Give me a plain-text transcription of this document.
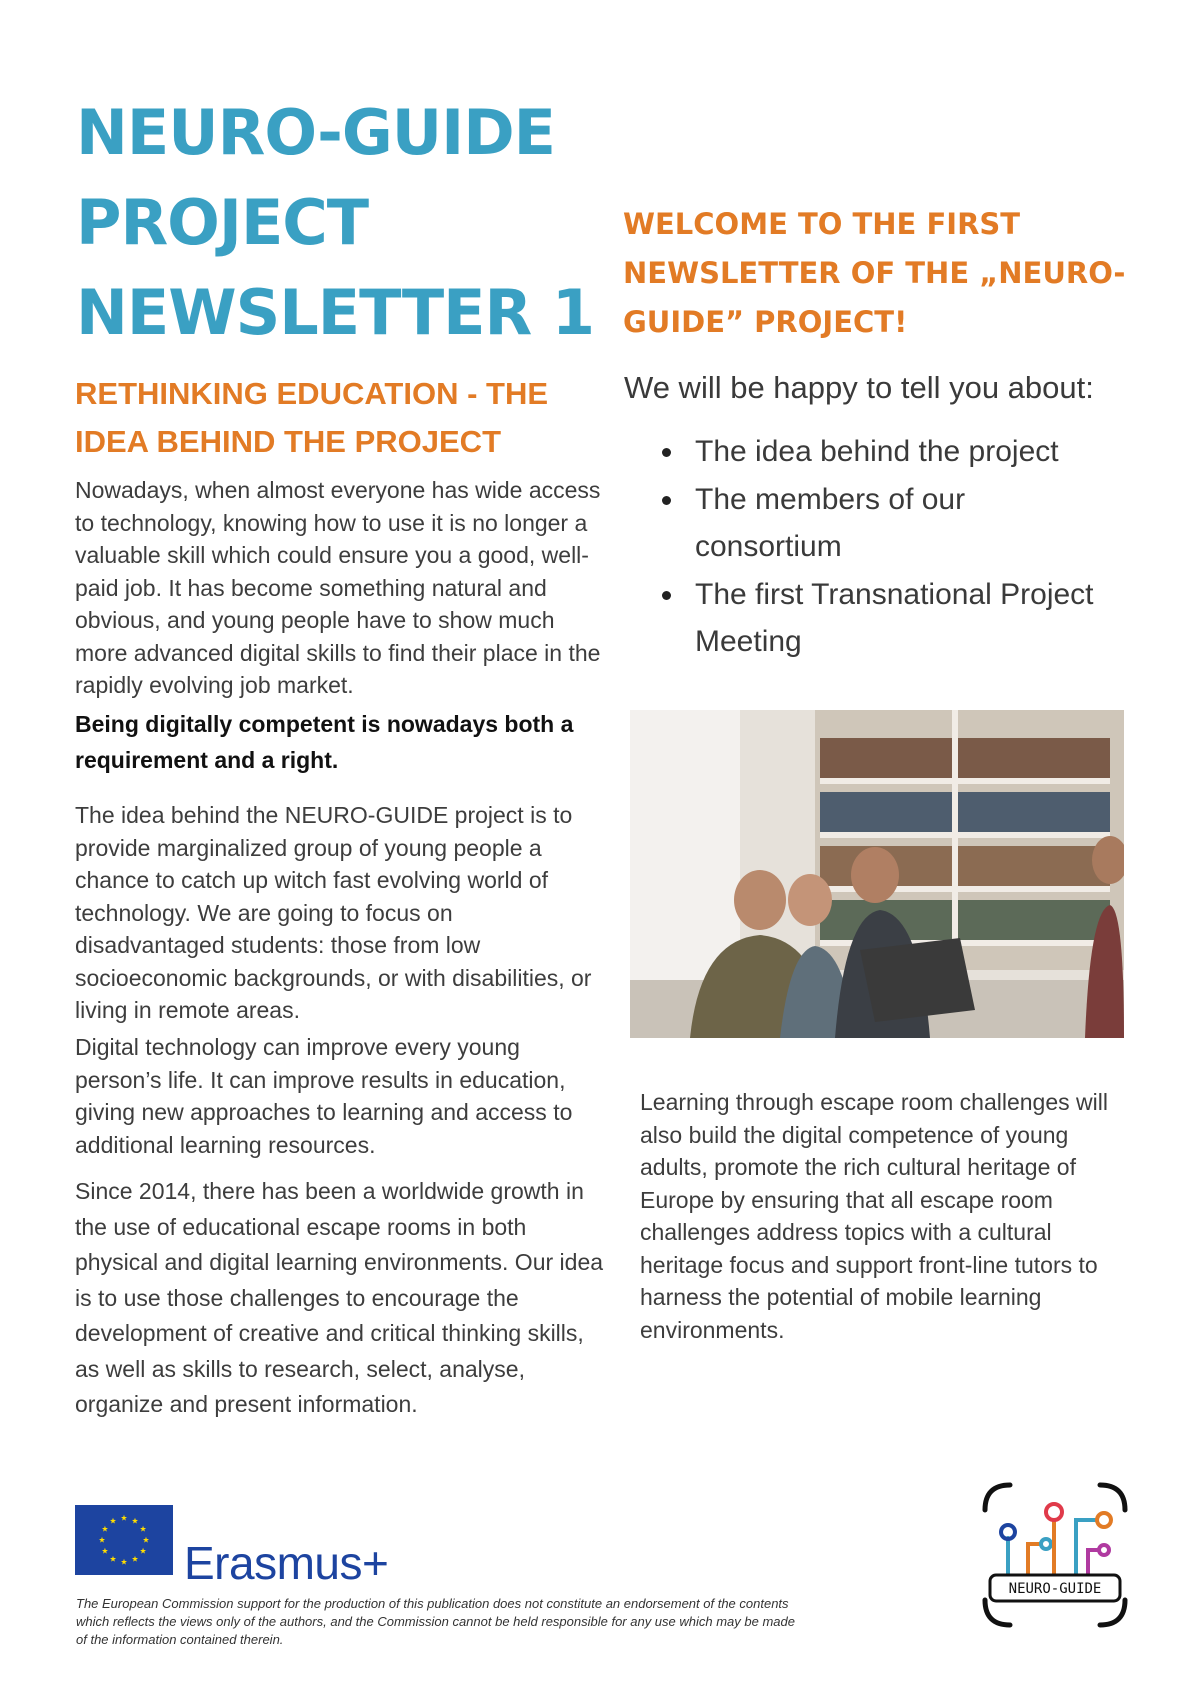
NEURO-GUIDE
PROJECT
NEWSLETTER 1
WELCOME TO THE FIRST NEWSLETTER OF THE „NEURO-GUIDE” PROJECT!
RETHINKING EDUCATION - THE IDEA BEHIND THE PROJECT

Nowadays, when almost everyone has wide access to technology, knowing how to use it is no longer a valuable skill which could ensure you a good, well-paid job. It has become something natural and obvious, and young people have to show much more advanced digital skills to find their place in the rapidly evolving job market.

Being digitally competent is nowadays both a requirement and a right.

The idea behind the NEURO-GUIDE project is to provide marginalized group of young people a chance to catch up witch fast evolving world of technology. We are going to focus on disadvantaged students: those from low socioeconomic backgrounds, or with disabilities, or living in remote areas.

Digital technology can improve every young person’s life. It can improve results in education, giving new approaches to learning and access to additional learning resources.

Since 2014, there has been a worldwide growth in the use of educational escape rooms in both physical and digital learning environments. Our idea is to use those challenges to encourage the development of creative and critical thinking skills, as well as skills to research, select, analyse, organize and present information.

We will be happy to tell you about:

The idea behind the project
The members of our consortium
The first Transnational Project Meeting

Learning through escape room challenges will also build the digital competence of young adults, promote the rich cultural heritage of Europe by ensuring that all escape room challenges address topics with a cultural heritage focus and support front-line tutors to harness the potential of mobile learning environments.

Erasmus+

The European Commission support for the production of this publication does not constitute an endorsement of the contents which reflects the views only of the authors, and the Commission cannot be held responsible for any use which may be made of the information contained therein.

NEURO-GUIDE
